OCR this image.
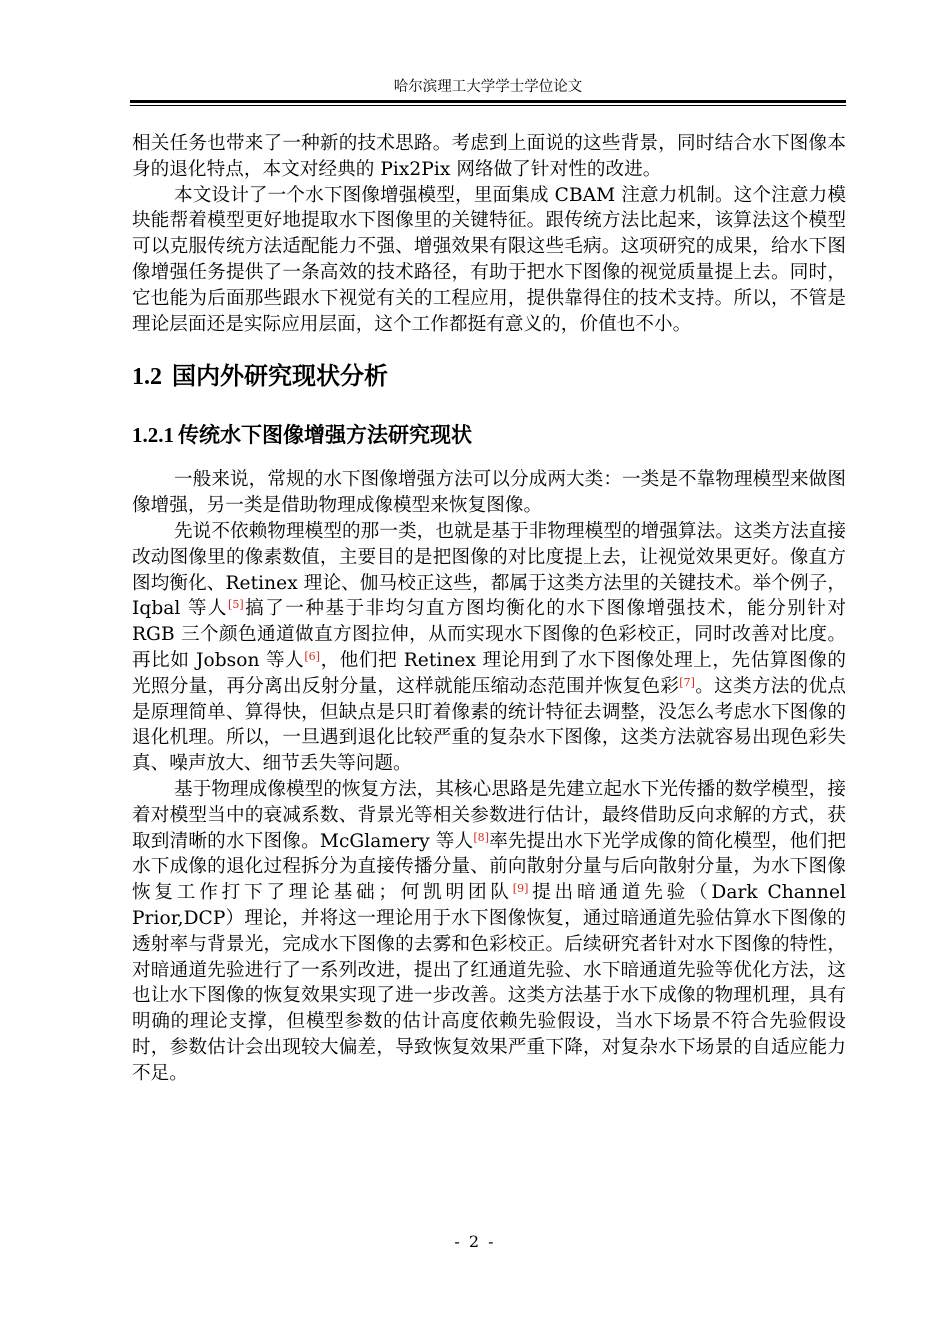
哈尔滨理工大学学士学位论文

相关任务也带来了一种新的技术思路。考虑到上面说的这些背景，同时结合水下图像本身的退化特点，本文对经典的 Pix2Pix 网络做了针对性的改进。

本文设计了一个水下图像增强模型，里面集成 CBAM 注意力机制。这个注意力模块能帮着模型更好地提取水下图像里的关键特征。跟传统方法比起来，该算法这个模型可以克服传统方法适配能力不强、增强效果有限这些毛病。这项研究的成果，给水下图像增强任务提供了一条高效的技术路径，有助于把水下图像的视觉质量提上去。同时，它也能为后面那些跟水下视觉有关的工程应用，提供靠得住的技术支持。所以，不管是理论层面还是实际应用层面，这个工作都挺有意义的，价值也不小。

1.2 国内外研究现状分析
1.2.1 传统水下图像增强方法研究现状

一般来说，常规的水下图像增强方法可以分成两大类：一类是不靠物理模型来做图像增强，另一类是借助物理成像模型来恢复图像。

先说不依赖物理模型的那一类，也就是基于非物理模型的增强算法。这类方法直接改动图像里的像素数值，主要目的是把图像的对比度提上去，让视觉效果更好。像直方图均衡化、Retinex 理论、伽马校正这些，都属于这类方法里的关键技术。举个例子，Iqbal 等人[5]搞了一种基于非均匀直方图均衡化的水下图像增强技术，能分别针对 RGB 三个颜色通道做直方图拉伸，从而实现水下图像的色彩校正，同时改善对比度。再比如 Jobson 等人[6]，他们把 Retinex 理论用到了水下图像处理上，先估算图像的光照分量，再分离出反射分量，这样就能压缩动态范围并恢复色彩[7]。这类方法的优点是原理简单、算得快，但缺点是只盯着像素的统计特征去调整，没怎么考虑水下图像的退化机理。所以，一旦遇到退化比较严重的复杂水下图像，这类方法就容易出现色彩失真、噪声放大、细节丢失等问题。

基于物理成像模型的恢复方法，其核心思路是先建立起水下光传播的数学模型，接着对模型当中的衰减系数、背景光等相关参数进行估计，最终借助反向求解的方式，获取到清晰的水下图像。McGlamery 等人[8]率先提出水下光学成像的简化模型，他们把水下成像的退化过程拆分为直接传播分量、前向散射分量与后向散射分量，为水下图像恢复工作打下了理论基础；何凯明团队[9]提出暗通道先验（Dark Channel Prior,DCP）理论，并将这一理论用于水下图像恢复，通过暗通道先验估算水下图像的透射率与背景光，完成水下图像的去雾和色彩校正。后续研究者针对水下图像的特性，对暗通道先验进行了一系列改进，提出了红通道先验、水下暗通道先验等优化方法，这也让水下图像的恢复效果实现了进一步改善。这类方法基于水下成像的物理机理，具有明确的理论支撑，但模型参数的估计高度依赖先验假设，当水下场景不符合先验假设时，参数估计会出现较大偏差，导致恢复效果严重下降，对复杂水下场景的自适应能力不足。

- 2 -
